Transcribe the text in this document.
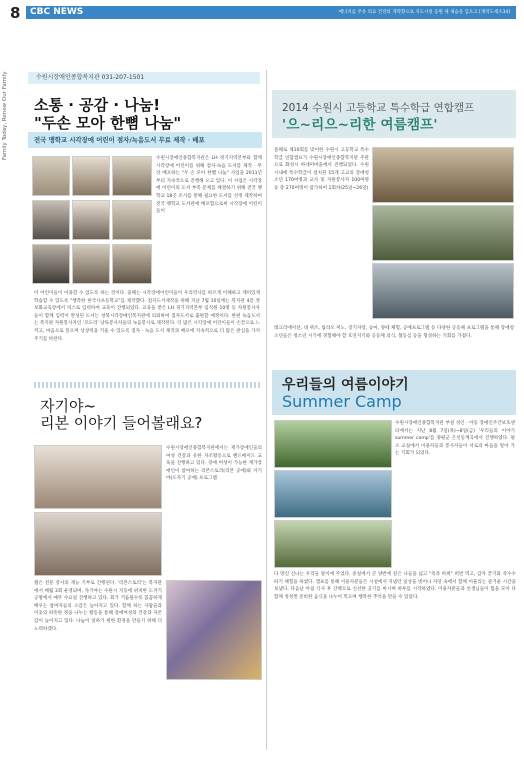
8 CBC NEWS	에너지를 주유 의료 건강의 개혁향으로 지도시설 웅원 새 새숨을 입으고 [개역도세소34]
Family Today, Renew Our Family	수원시장애인종합복지관 031-207-1501
소통 · 공감 · 나눔!
"두손 모아 한뼘 나눔"
전국 맹학교 시각장애 어린이 점자/녹음도서 무료 제작 · 배포
수원시장애인종합복지관은 LH 경기지역본부와 함께 시각장애 어린이를 위해 점자·녹음 도서를 제작 · 무상 배포하는 "두 손 모아 한뼘 나눔" 사업을 2011년부터 지속적으로 진행해 오고 있다. 이 사업은 시각장애 어린이의 도서 부족 문제를 해결하기 위해 전국 맹학교 18곳 조사를 통해 필요한 도서를 선정 제작하여 전국 맹학교 도서관에 배포함으로써 시각장애 어린이들이
이 어린이들이 이용할 수 있도록 하는 것이다. 올해는 시각장애어린이들이 우리역사를 바르게 이해하고 재미있게 학습할 수 있도록 "행복한 한국사초등학교"를 제작했다. 점자도서제작을 위해 지난 7월 10일에는 복지관 4층 정보화교육장에서 릭스로 입력하여 교육이 진행되었다. 교육을 받은 LH 경기지역본부 임직원 10명 등 자원봉사자들이 함께 입력이 완성된 도서는 성북시각장애인복지관에 의뢰하여 점자도서로 출판할 예정이다. 한편 녹음도서는 복지관 자원봉사자인 '모도리' 낭독봉사자들의 녹음봉사로 제작된다. 더 많은 시각장애 어린이들이 손끝으로 느끼고, 마음으로 읽으며 상상력을 키울 수 있도록 점자 · 녹음 도서 제작과 배포에 지속적으로 더 많은 관심을 가져주기를 바란다.
자기야~
리본 이야기 들어볼래요?
수원시장애인종합복지관에서는 재가장애인들의 여성 건강과 유한 자조활동으로 핸드메이드 교육을 진행하고 있다. 장애 여성이 가능한 재가장애인이 참여하는 리본스토리(리본 공예)와 자기야(도자기 공예) 프로그램
램은 전문 강사의 재능 기부로 진행된다. '리본스토리'는 복지관에서 매월 3회 운영되며, 자기야는 수원시 지동에 위치한 도자기 공방에서 매주 수요일 진행하고 있다. 회가 거듭될수록 꼼꼼하게 배우는 참여자들의 소감은 높아지고 있다. 함께 하는 사람들과 이웃의 따뜻한 정을 나누는 활동을 통해 장애여성의 건강과 자존감이 높아지고 있다. 나눔이 일하기 편한 환경을 만들기 위해 더 노력하겠다.
2014 수원시 고등학교 특수학급 연합캠프
'으~리으~리한 여름캠프'
올해로 제10회를 맞이한 수원시 고등학교 특수학급 연합캠프가 수원시장애인종합복지관 주관으로 화성시 하네미마을에서 진행되었다. 수원시내에 특수학급이 설치된 15개 고교의 장애청소년 170여명과 교사 및 자원봉사자 100여명 등 총 270여명이 참가하여 1회차(25일~26일)
레크리에이션, 대 퀴즈, 림라오 미노, 장기자랑, 승마, 양떼 체험, 공예프로그램 등 다양한 공동체 프로그램을 통해 장애청소년들은 청소년 시기에 경험해야 할 호연지기와 공동체 의식, 협동심 등을 형성하는 기회를 가졌다.
우리들의 여름이야기
Summer Camp
수원시장애인종합복지관 부설 성인 · 아동 장애인주간보호센터에서는 지난 8월 7일(목)~8일(금) '우리들의 이야기 summer camp'를 양평군 은선동계곡에서 진행하였다. 평소 교실에서 이용자들과 봉사자들이 서로의 마음을 알아 가는 기회가 되었다.
다 망신 신나는 우리들 말이에 주었다. 중실에서 큰 양반에 깊은 나들을 넓고 "즉즉 바위" 비번 먹고, 감자 끝기와 즉수수 따기 체험을 하였다. 캠프를 통해 이용자분들은 시설에서 지냈던 일상을 벗어나 자연 속에서 함께 어울리는 즐거운 시간을 보냈다. 다음날 아침 식사 후 산책으로 신선한 공기를 마시며 하루를 시작하였다. 이용자분들과 선생님들이 힘을 모아 다함께 정성껏 준비한 음식을 나누어 먹으며 행복한 추억을 만들 수 있었다.
